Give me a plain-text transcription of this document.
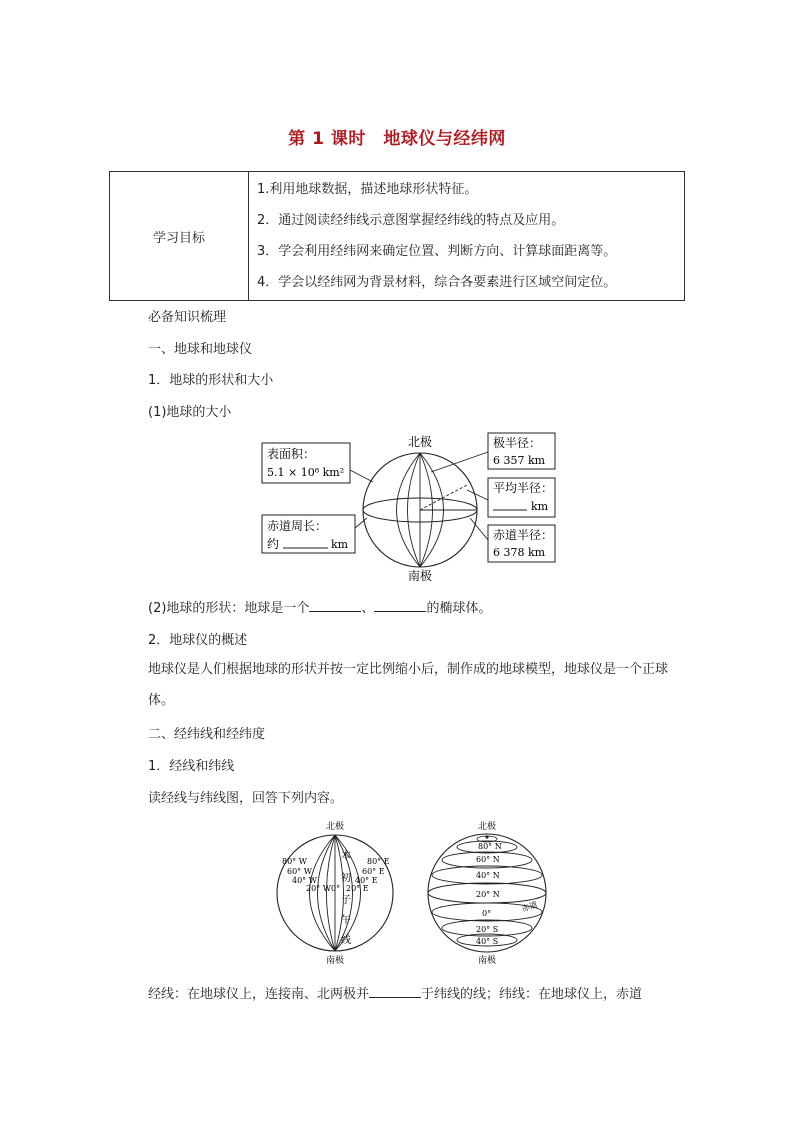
第 1 课时　地球仪与经纬网
学习目标	
1.利用地球数据，描述地球形状特征。
2．通过阅读经纬线示意图掌握经纬线的特点及应用。
3．学会利用经纬网来确定位置、判断方向、计算球面距离等。
4．学会以经纬网为背景材料，综合各要素进行区域空间定位。
必备知识梳理
一、地球和地球仪
1．地球的形状和大小
(1)地球的大小
北极
南极
表面积：
5.1 × 10⁸ km²
赤道周长：
约	km
极半径：
6 357 km
平均半径：
km
赤道半径：
6 378 km
(2)地球的形状：地球是一个	、	的椭球体。
2．地球仪的概述
地球仪是人们根据地球的形状并按一定比例缩小后，制作成的地球模型，地球仪是一个正球体。
二、经纬线和经纬度
1．经线和纬线
读经线与纬线图，回答下列内容。
北极
南极
本
初
子
午
线
80° W
60° W
40° W
20° W
80° E
60° E
40° E
20° E
0°
北极
南极
80° N
60° N
40° N
20° N
0°
20° S
40° S
赤道
经线：在地球仪上，连接南、北两极并	于纬线的线；纬线：在地球仪上，赤道
